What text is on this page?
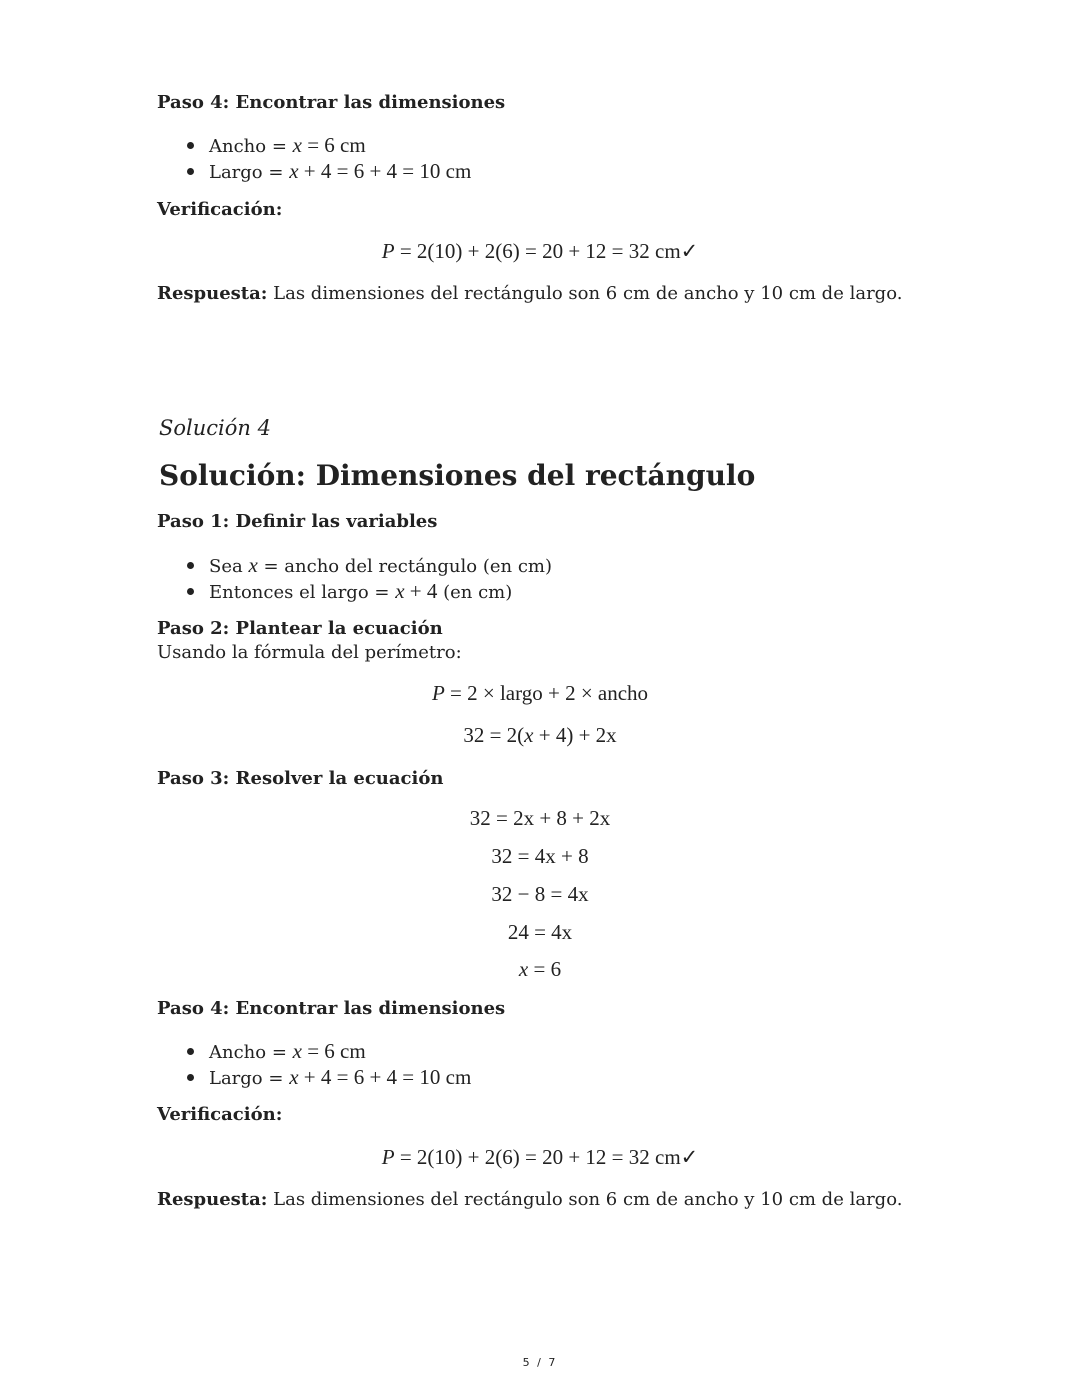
Paso 4: Encontrar las dimensiones
Ancho = x = 6 cm
Largo = x + 4 = 6 + 4 = 10 cm
Verificación:
P = 2(10) + 2(6) = 20 + 12 = 32 cm✓
Respuesta: Las dimensiones del rectángulo son 6 cm de ancho y 10 cm de largo.
Solución 4
Solución: Dimensiones del rectángulo
Paso 1: Definir las variables
Sea x = ancho del rectángulo (en cm)
Entonces el largo = x + 4 (en cm)
Paso 2: Plantear la ecuación
Usando la fórmula del perímetro:
P = 2 × largo + 2 × ancho
32 = 2(x + 4) + 2x
Paso 3: Resolver la ecuación
32 = 2x + 8 + 2x
32 = 4x + 8
32 − 8 = 4x
24 = 4x
x = 6
Paso 4: Encontrar las dimensiones
Ancho = x = 6 cm
Largo = x + 4 = 6 + 4 = 10 cm
Verificación:
P = 2(10) + 2(6) = 20 + 12 = 32 cm✓
Respuesta: Las dimensiones del rectángulo son 6 cm de ancho y 10 cm de largo.
5 / 7
